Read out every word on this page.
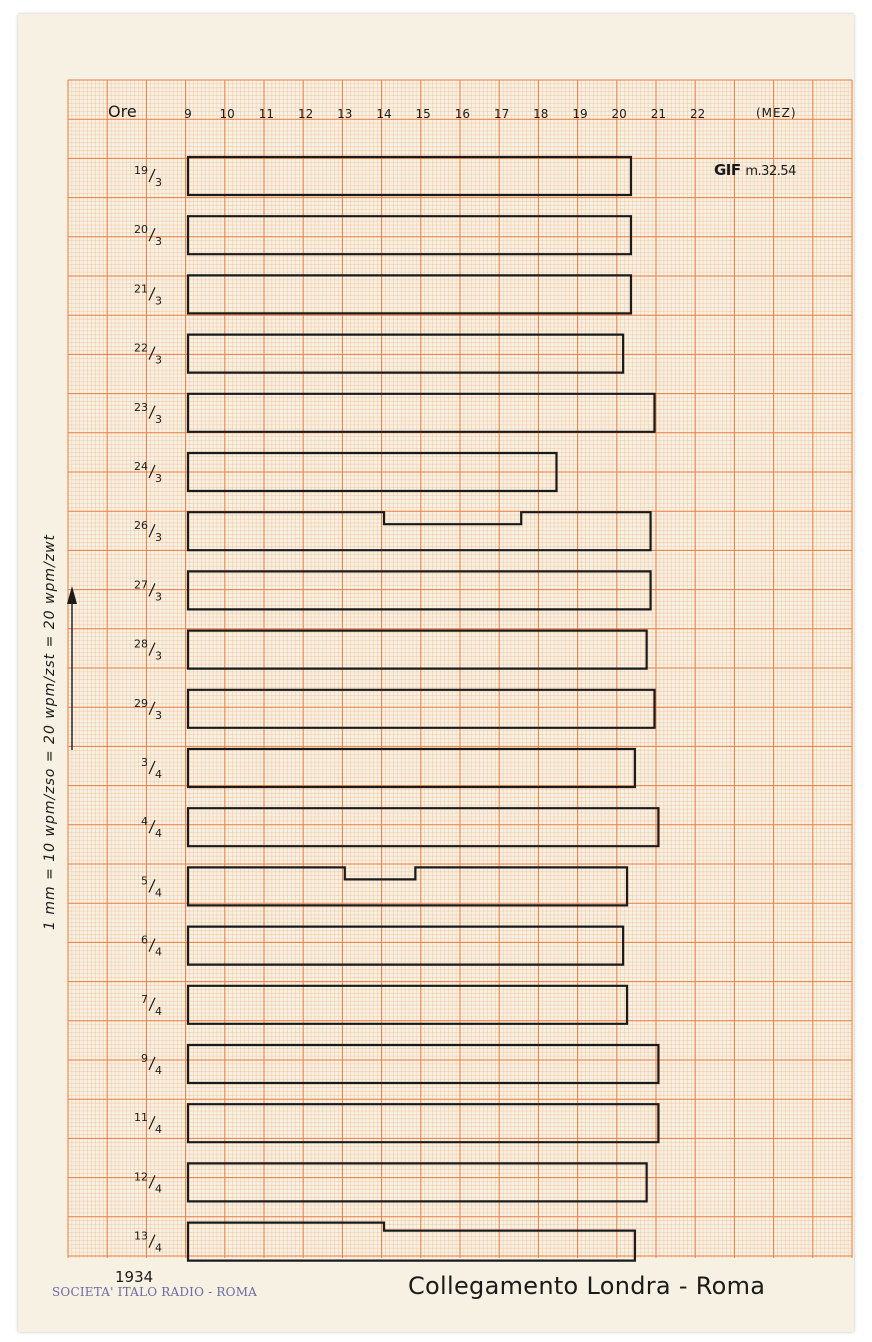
9 10 11 12 13 14 15 16 17 18 19 20 21 22
19
3
20
3
21
3
22
3
23
3
24
3
26
3
27
3
28
3
29
3
3
4
4
4
5
4
6
4
7
4
9
4
11
4
12
4
13
4
Ore	(MEZ)
GIF m.32.54
1 mm = 10 wpm/zso = 20 wpm/zst = 20 wpm/zwt
1934
SOCIETA' ITALO RADIO - ROMA	Collegamento Londra - Roma
